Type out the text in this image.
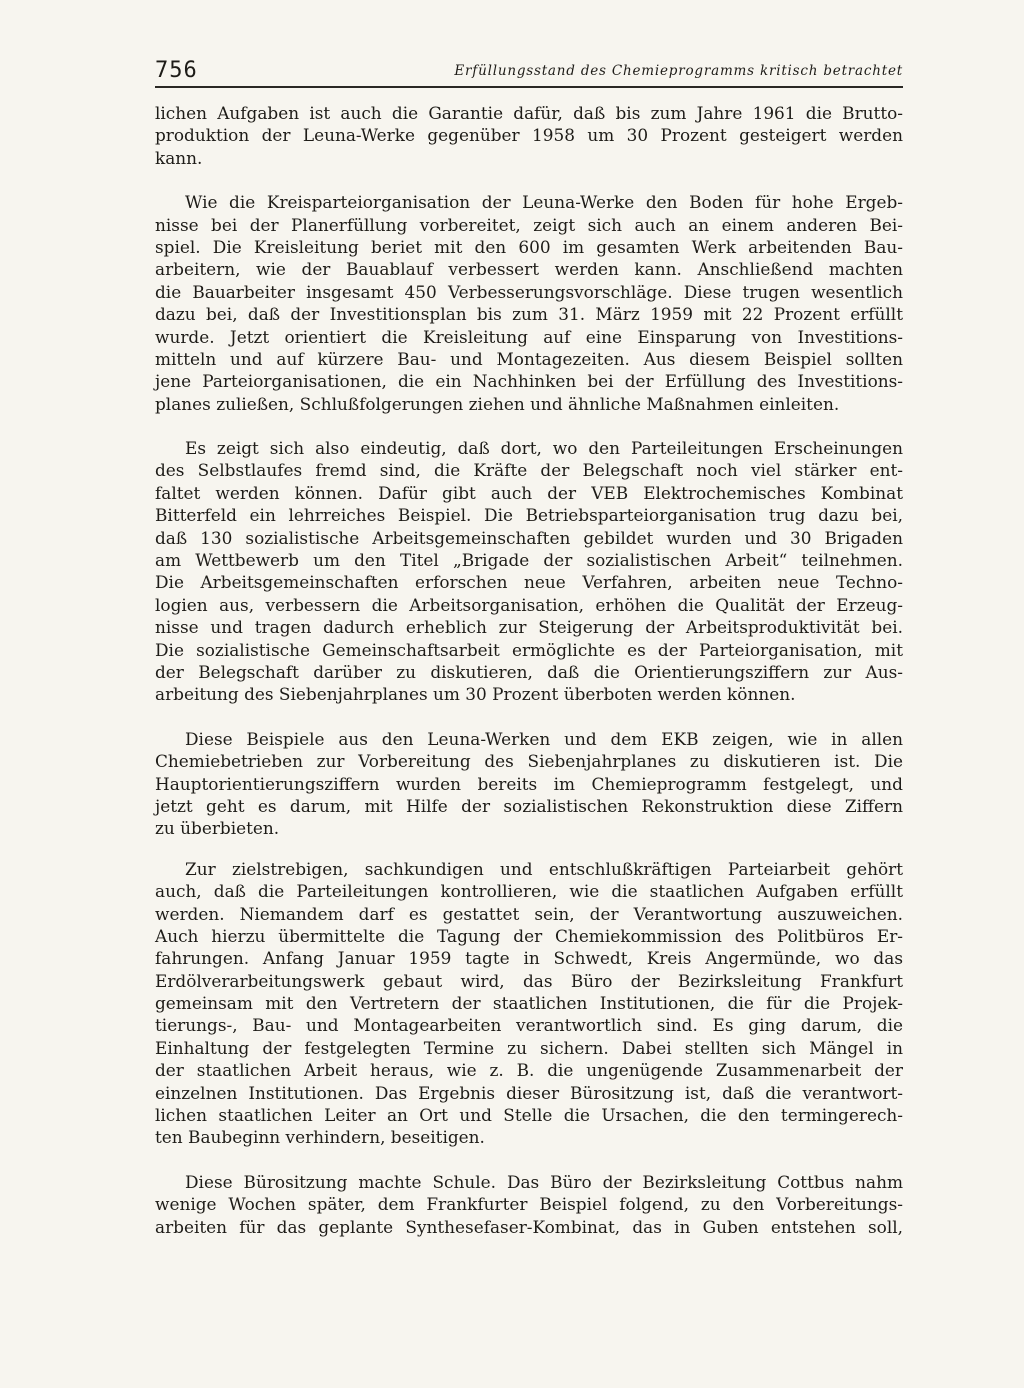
756	Erfüllungsstand des Chemieprogramms kritisch betrachtet

lichen Aufgaben ist auch die Garantie dafür, daß bis zum Jahre 1961 die Brutto-
produktion der Leuna-Werke gegenüber 1958 um 30 Prozent gesteigert werden
kann.

Wie die Kreisparteiorganisation der Leuna-Werke den Boden für hohe Ergeb-
nisse bei der Planerfüllung vorbereitet, zeigt sich auch an einem anderen Bei-
spiel. Die Kreisleitung beriet mit den 600 im gesamten Werk arbeitenden Bau-
arbeitern, wie der Bauablauf verbessert werden kann. Anschließend machten
die Bauarbeiter insgesamt 450 Verbesserungsvorschläge. Diese trugen wesentlich
dazu bei, daß der Investitionsplan bis zum 31. März 1959 mit 22 Prozent erfüllt
wurde. Jetzt orientiert die Kreisleitung auf eine Einsparung von Investitions-
mitteln und auf kürzere Bau- und Montagezeiten. Aus diesem Beispiel sollten
jene Parteiorganisationen, die ein Nachhinken bei der Erfüllung des Investitions-
planes zuließen, Schlußfolgerungen ziehen und ähnliche Maßnahmen einleiten.

Es zeigt sich also eindeutig, daß dort, wo den Parteileitungen Erscheinungen
des Selbstlaufes fremd sind, die Kräfte der Belegschaft noch viel stärker ent-
faltet werden können. Dafür gibt auch der VEB Elektrochemisches Kombinat
Bitterfeld ein lehrreiches Beispiel. Die Betriebsparteiorganisation trug dazu bei,
daß 130 sozialistische Arbeitsgemeinschaften gebildet wurden und 30 Brigaden
am Wettbewerb um den Titel „Brigade der sozialistischen Arbeit“ teilnehmen.
Die Arbeitsgemeinschaften erforschen neue Verfahren, arbeiten neue Techno-
logien aus, verbessern die Arbeitsorganisation, erhöhen die Qualität der Erzeug-
nisse und tragen dadurch erheblich zur Steigerung der Arbeitsproduktivität bei.
Die sozialistische Gemeinschaftsarbeit ermöglichte es der Parteiorganisation, mit
der Belegschaft darüber zu diskutieren, daß die Orientierungsziffern zur Aus-
arbeitung des Siebenjahrplanes um 30 Prozent überboten werden können.

Diese Beispiele aus den Leuna-Werken und dem EKB zeigen, wie in allen
Chemiebetrieben zur Vorbereitung des Siebenjahrplanes zu diskutieren ist. Die
Hauptorientierungsziffern wurden bereits im Chemieprogramm festgelegt, und
jetzt geht es darum, mit Hilfe der sozialistischen Rekonstruktion diese Ziffern
zu überbieten.

Zur zielstrebigen, sachkundigen und entschlußkräftigen Parteiarbeit gehört
auch, daß die Parteileitungen kontrollieren, wie die staatlichen Aufgaben erfüllt
werden. Niemandem darf es gestattet sein, der Verantwortung auszuweichen.
Auch hierzu übermittelte die Tagung der Chemiekommission des Politbüros Er-
fahrungen. Anfang Januar 1959 tagte in Schwedt, Kreis Angermünde, wo das
Erdölverarbeitungswerk gebaut wird, das Büro der Bezirksleitung Frankfurt
gemeinsam mit den Vertretern der staatlichen Institutionen, die für die Projek-
tierungs-, Bau- und Montagearbeiten verantwortlich sind. Es ging darum, die
Einhaltung der festgelegten Termine zu sichern. Dabei stellten sich Mängel in
der staatlichen Arbeit heraus, wie z. B. die ungenügende Zusammenarbeit der
einzelnen Institutionen. Das Ergebnis dieser Bürositzung ist, daß die verantwort-
lichen staatlichen Leiter an Ort und Stelle die Ursachen, die den termingerech-
ten Baubeginn verhindern, beseitigen.

Diese Bürositzung machte Schule. Das Büro der Bezirksleitung Cottbus nahm
wenige Wochen später, dem Frankfurter Beispiel folgend, zu den Vorbereitungs-
arbeiten für das geplante Synthesefaser-Kombinat, das in Guben entstehen soll,
